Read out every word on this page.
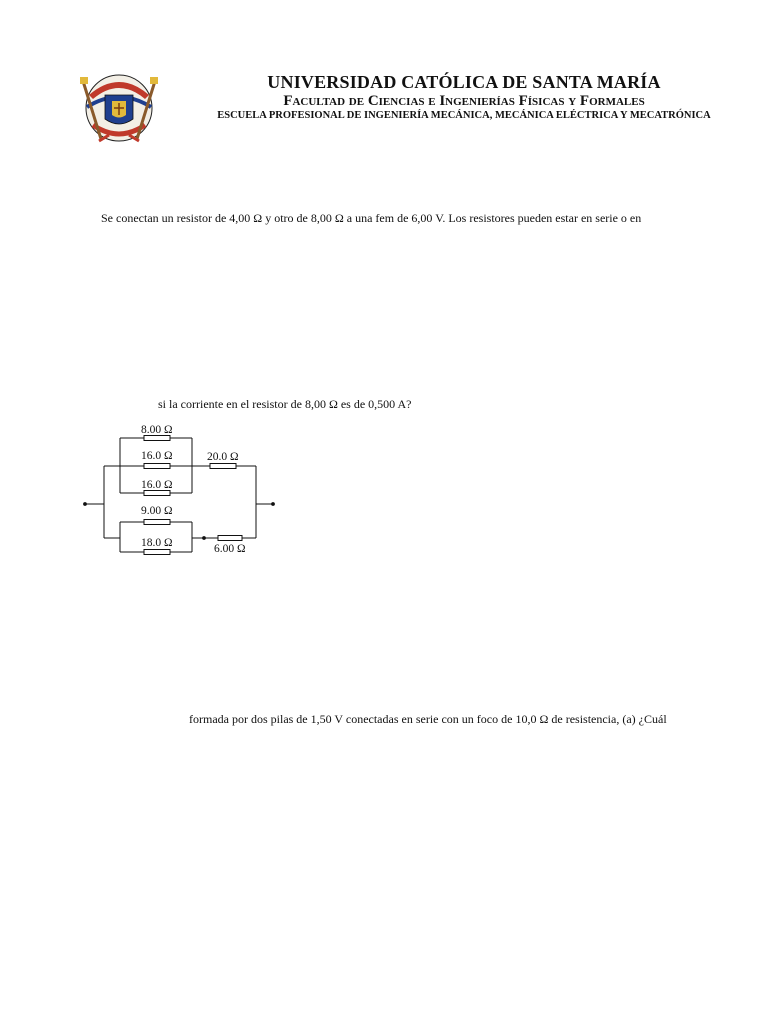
UNIVERSIDAD CATÓLICA DE SANTA MARÍA
Facultad de Ciencias e Ingenierías Físicas y Formales
ESCUELA PROFESIONAL DE INGENIERÍA MECÁNICA, MECÁNICA ELÉCTRICA Y MECATRÓNICA
Se conectan un resistor de 4,00 Ω y otro de 8,00 Ω a una fem de 6,00 V. Los resistores pueden estar en serie o en
si la corriente en el resistor de 8,00 Ω es de 0,500 A?
8.00 Ω
16.0 Ω
16.0 Ω
20.0 Ω
9.00 Ω
18.0 Ω	6.00 Ω
formada por dos pilas de 1,50 V conectadas en serie con un foco de 10,0 Ω de resistencia, (a) ¿Cuál
